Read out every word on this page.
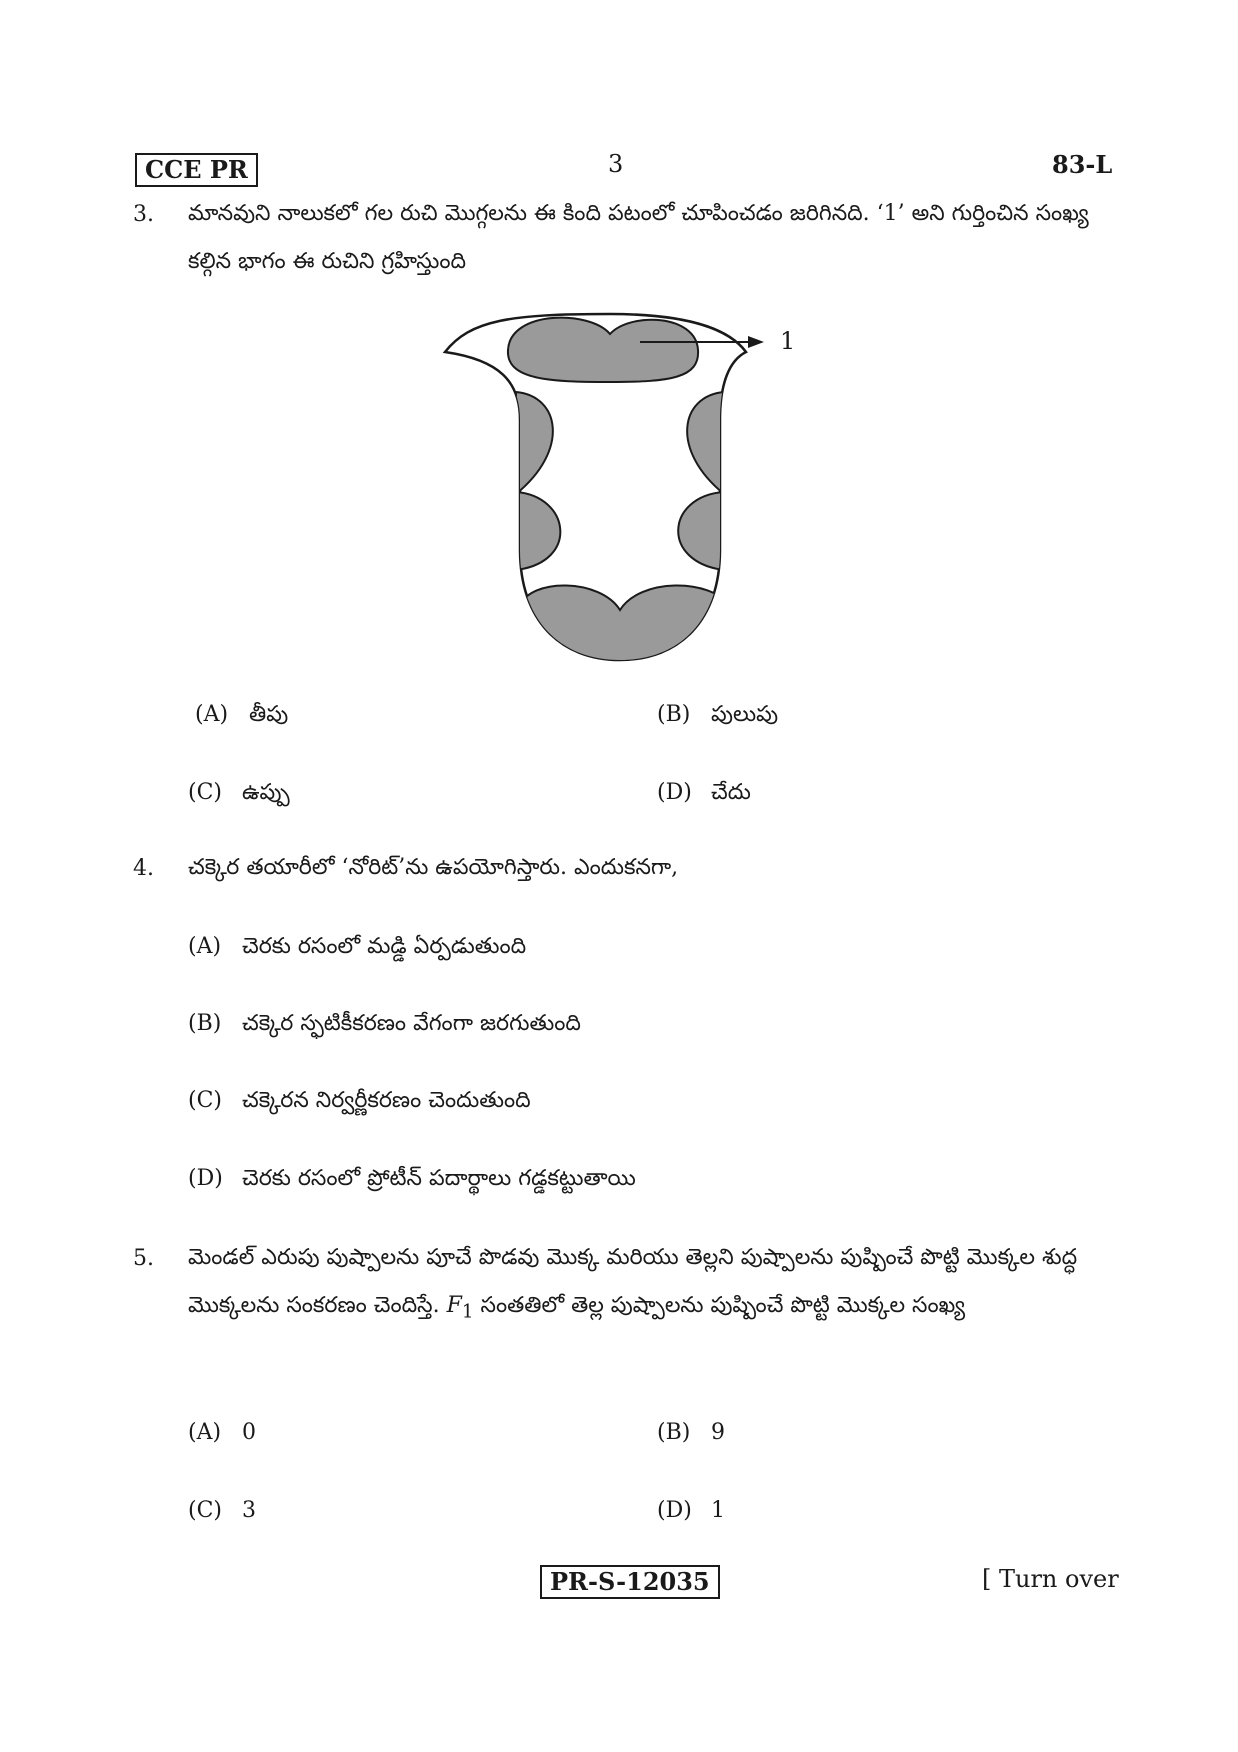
CCE PR	3	83-L
3. మానవుని నాలుకలో గల రుచి మొగ్గలను ఈ కింది పటంలో చూపించడం జరిగినది. ‘1’ అని గుర్తించిన సంఖ్య కల్గిన భాగం ఈ రుచిని గ్రహిస్తుంది
1
(A) తీపు	(B) పులుపు
(C) ఉప్పు	(D) చేదు
4. చక్కెర తయారీలో ‘నోరిట్’ను ఉపయోగిస్తారు. ఎందుకనగా,
(A) చెరకు రసంలో మడ్డి ఏర్పడుతుంది
(B) చక్కెర స్ఫటికీకరణం వేగంగా జరగుతుంది
(C) చక్కెరన నిర్వర్ణీకరణం చెందుతుంది
(D) చెరకు రసంలో ప్రోటీన్ పదార్థాలు గడ్డకట్టుతాయి
5. మెండల్ ఎరుపు పుష్పాలను పూచే పొడవు మొక్క మరియు తెల్లని పుష్పాలను పుష్పించే పొట్టి మొక్కల శుద్ధ మొక్కలను సంకరణం చెందిస్తే. $F_1$ సంతతిలో తెల్ల పుష్పాలను పుష్పించే పొట్టి మొక్కల సంఖ్య
(A) 0	(B) 9
(C) 3	(D) 1
PR-S-12035	[ Turn over
